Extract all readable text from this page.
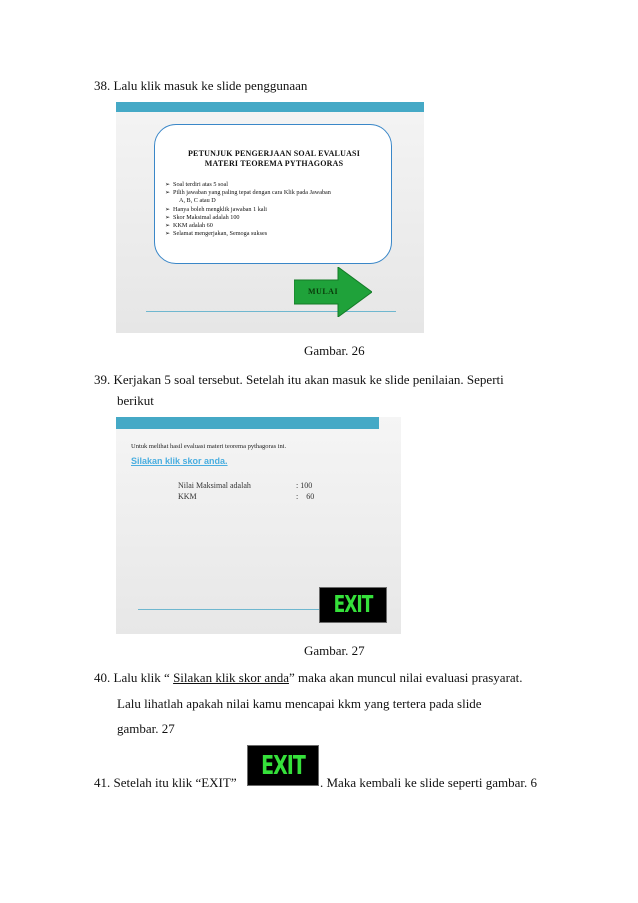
38. Lalu klik masuk ke slide penggunaan
PETUNJUK PENGERJAAN SOAL EVALUASI
MATERI TEOREMA PYTHAGORAS
➢ Soal terdiri atas 5 soal
➢ Pilih jawaban yang paling tepat dengan cara Klik pada Jawaban
A, B, C atau D
➢ Hanya boleh mengklik jawaban 1 kali
➢ Skor Maksimal adalah 100
➢ KKM adalah 60
➢ Selamat mengerjakan, Semoga sukses
MULAI
Gambar. 26
39. Kerjakan 5 soal tersebut. Setelah itu akan masuk ke slide penilaian. Seperti
berikut
Untuk melihat hasil evaluasi materi teorema pythagoras ini.
Silakan klik skor anda.
Nilai Maksimal adalah	: 100
KKM	:    60
EXIT
Gambar. 27
40. Lalu klik “ Silakan klik skor anda” maka akan muncul nilai evaluasi prasyarat.
Lalu lihatlah apakah nilai kamu mencapai kkm yang tertera pada slide
gambar. 27
41. Setelah itu klik “EXIT”
EXIT
. Maka kembali ke slide seperti gambar. 6
